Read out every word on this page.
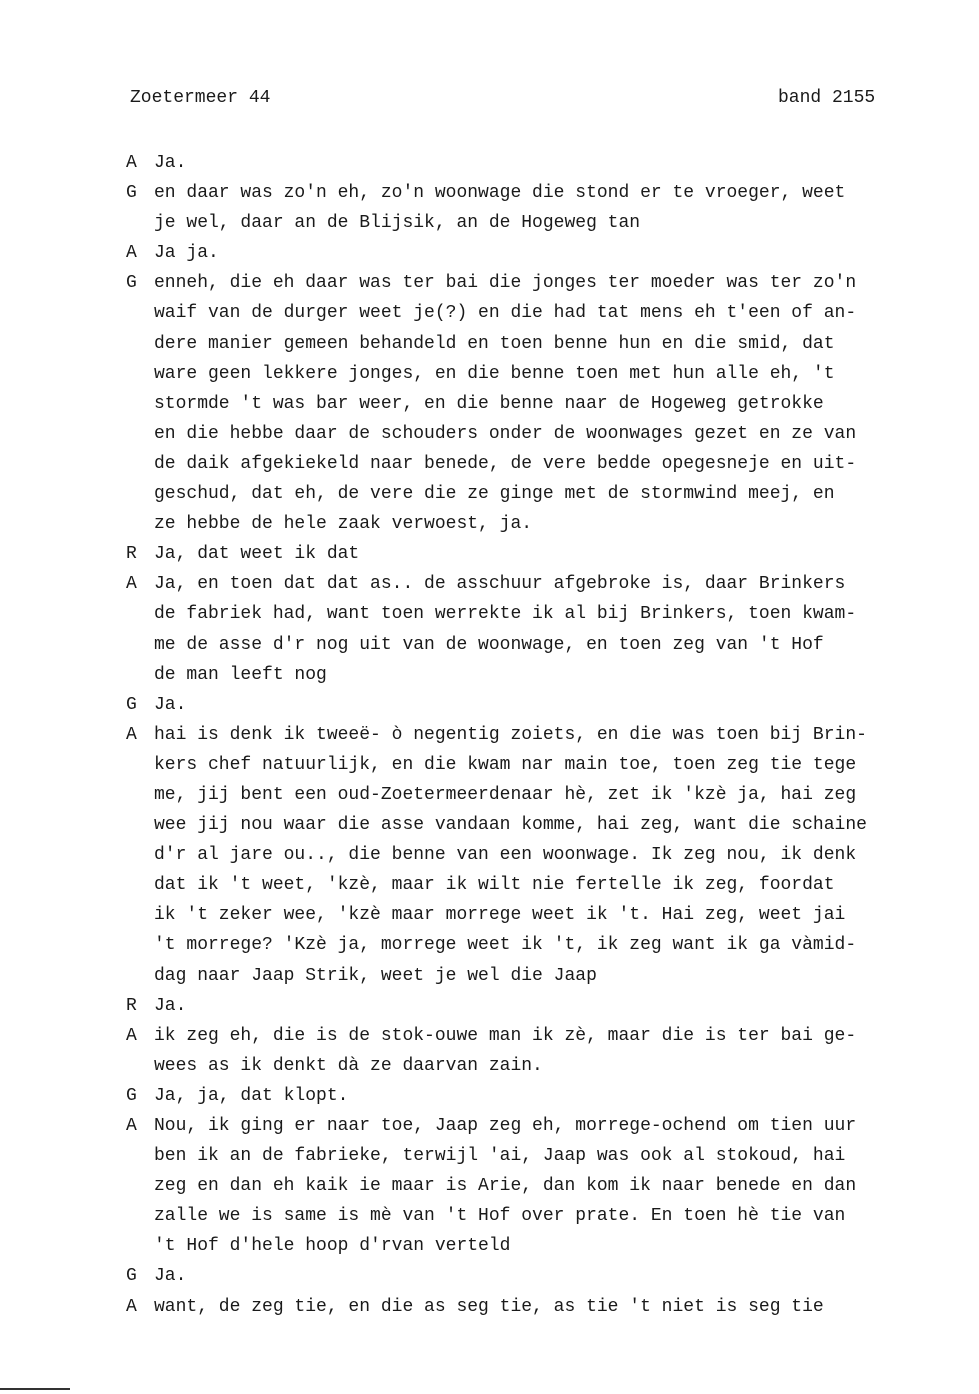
Zoetermeer 44	band 2155
A Ja.
G en daar was zo'n eh, zo'n woonwage die stond er te vroeger, weet
je wel, daar an de Blijsik, an de Hogeweg tan
A Ja ja.
G enneh, die eh daar was ter bai die jonges ter moeder was ter zo'n
waif van de durger weet je(?) en die had tat mens eh t'een of an-
dere manier gemeen behandeld en toen benne hun en die smid, dat
ware geen lekkere jonges, en die benne toen met hun alle eh, 't
stormde 't was bar weer, en die benne naar de Hogeweg getrokke
en die hebbe daar de schouders onder de woonwages gezet en ze van
de daik afgekiekeld naar benede, de vere bedde opegesneje en uit-
geschud, dat eh, de vere die ze ginge met de stormwind meej, en
ze hebbe de hele zaak verwoest, ja.
R Ja, dat weet ik dat
A Ja, en toen dat dat as.. de asschuur afgebroke is, daar Brinkers
de fabriek had, want toen werrekte ik al bij Brinkers, toen kwam-
me de asse d'r nog uit van de woonwage, en toen zeg van 't Hof
de man leeft nog
G Ja.
A hai is denk ik tweeë- ò negentig zoiets, en die was toen bij Brin-
kers chef natuurlijk, en die kwam nar main toe, toen zeg tie tege
me, jij bent een oud-Zoetermeerdenaar hè, zet ik 'kzè ja, hai zeg
wee jij nou waar die asse vandaan komme, hai zeg, want die schaine
d'r al jare ou.., die benne van een woonwage. Ik zeg nou, ik denk
dat ik 't weet, 'kzè, maar ik wilt nie fertelle ik zeg, foordat
ik 't zeker wee, 'kzè maar morrege weet ik 't. Hai zeg, weet jai
't morrege? 'Kzè ja, morrege weet ik 't, ik zeg want ik ga vàmid-
dag naar Jaap Strik, weet je wel die Jaap
R Ja.
A ik zeg eh, die is de stok-ouwe man ik zè, maar die is ter bai ge-
wees as ik denkt dà ze daarvan zain.
G Ja, ja, dat klopt.
A Nou, ik ging er naar toe, Jaap zeg eh, morrege-ochend om tien uur
ben ik an de fabrieke, terwijl 'ai, Jaap was ook al stokoud, hai
zeg en dan eh kaik ie maar is Arie, dan kom ik naar benede en dan
zalle we is same is mè van 't Hof over prate. En toen hè tie van
't Hof d'hele hoop d'rvan verteld
G Ja.
A want, de zeg tie, en die as seg tie, as tie 't niet is seg tie
